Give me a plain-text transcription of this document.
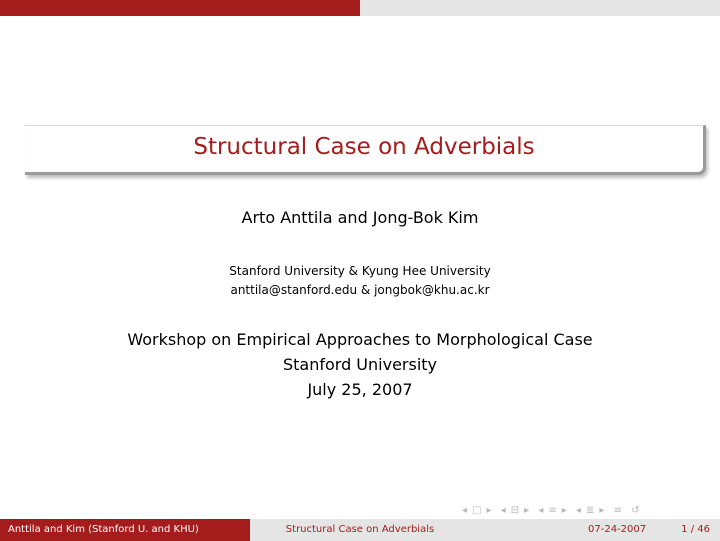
Structural Case on Adverbials
Arto Anttila and Jong-Bok Kim
Stanford University & Kyung Hee University
anttila@stanford.edu & jongbok@khu.ac.kr
Workshop on Empirical Approaches to Morphological Case
Stanford University
July 25, 2007
◂ □ ▸ ◂ ⊟ ▸ ◂ ≡ ▸ ◂ ≣ ▸ ≡ ↺
Anttila and Kim (Stanford U. and KHU)	Structural Case on Adverbials	07-24-2007	1 / 46
